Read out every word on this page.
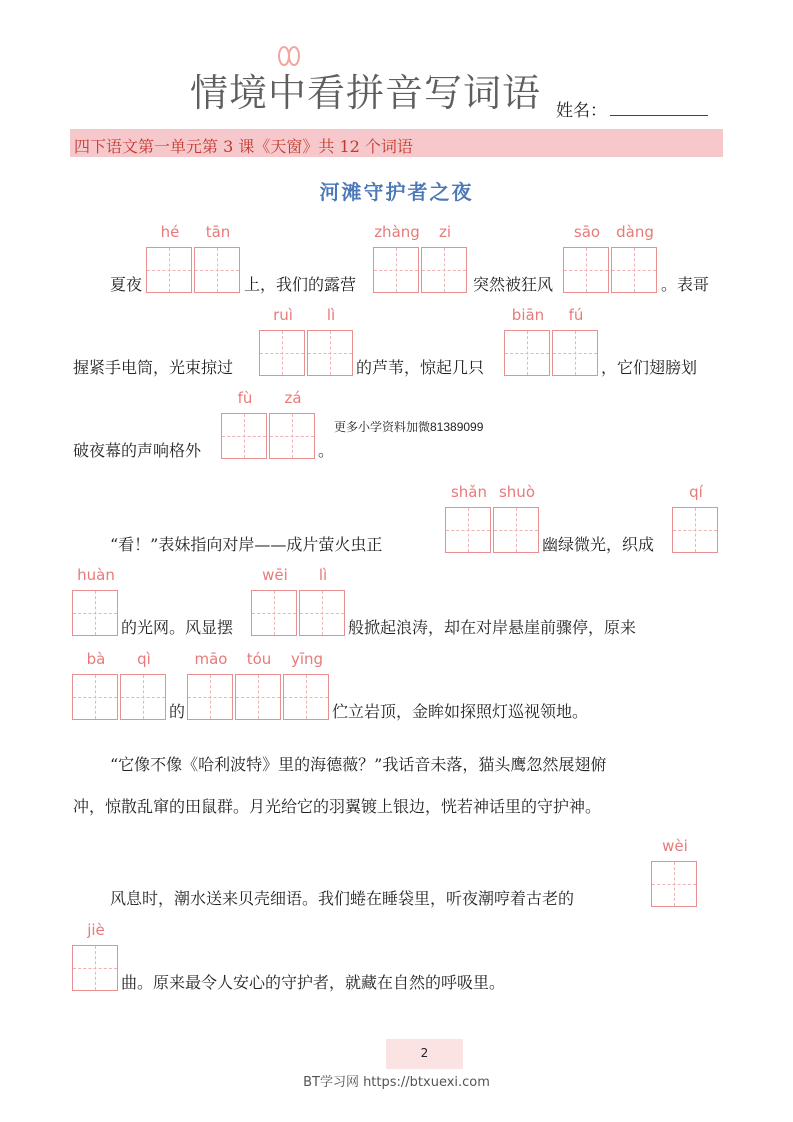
情境中看拼音写词语 姓名：
四下语文第一单元第 3 课《天窗》共 12 个词语
河滩守护者之夜
hé	tān	zhàng	zi	sāo	dàng
夏夜	上，我们的露营	突然被狂风	。表哥
ruì	lì	biān	fú
握紧手电筒，光束掠过	的芦苇，惊起几只	，它们翅膀划
fù	zá
破夜幕的声响格外	。
更多小学资料加微81389099
shǎn shuò	qí
“看！”表妹指向对岸——成片萤火虫正	幽绿微光，织成
huàn	wēi	lì
的光网。风显摆	般掀起浪涛，却在对岸悬崖前骤停，原来
bà	qì	māo	tóu	yīng
的	伫立岩顶，金眸如探照灯巡视领地。
“它像不像《哈利波特》里的海德薇？”我话音未落，猫头鹰忽然展翅俯
冲，惊散乱窜的田鼠群。月光给它的羽翼镀上银边，恍若神话里的守护神。
wèi
风息时，潮水送来贝壳细语。我们蜷在睡袋里，听夜潮哼着古老的
jiè
曲。原来最令人安心的守护者，就藏在自然的呼吸里。
2
BT学习网 https://btxuexi.com
